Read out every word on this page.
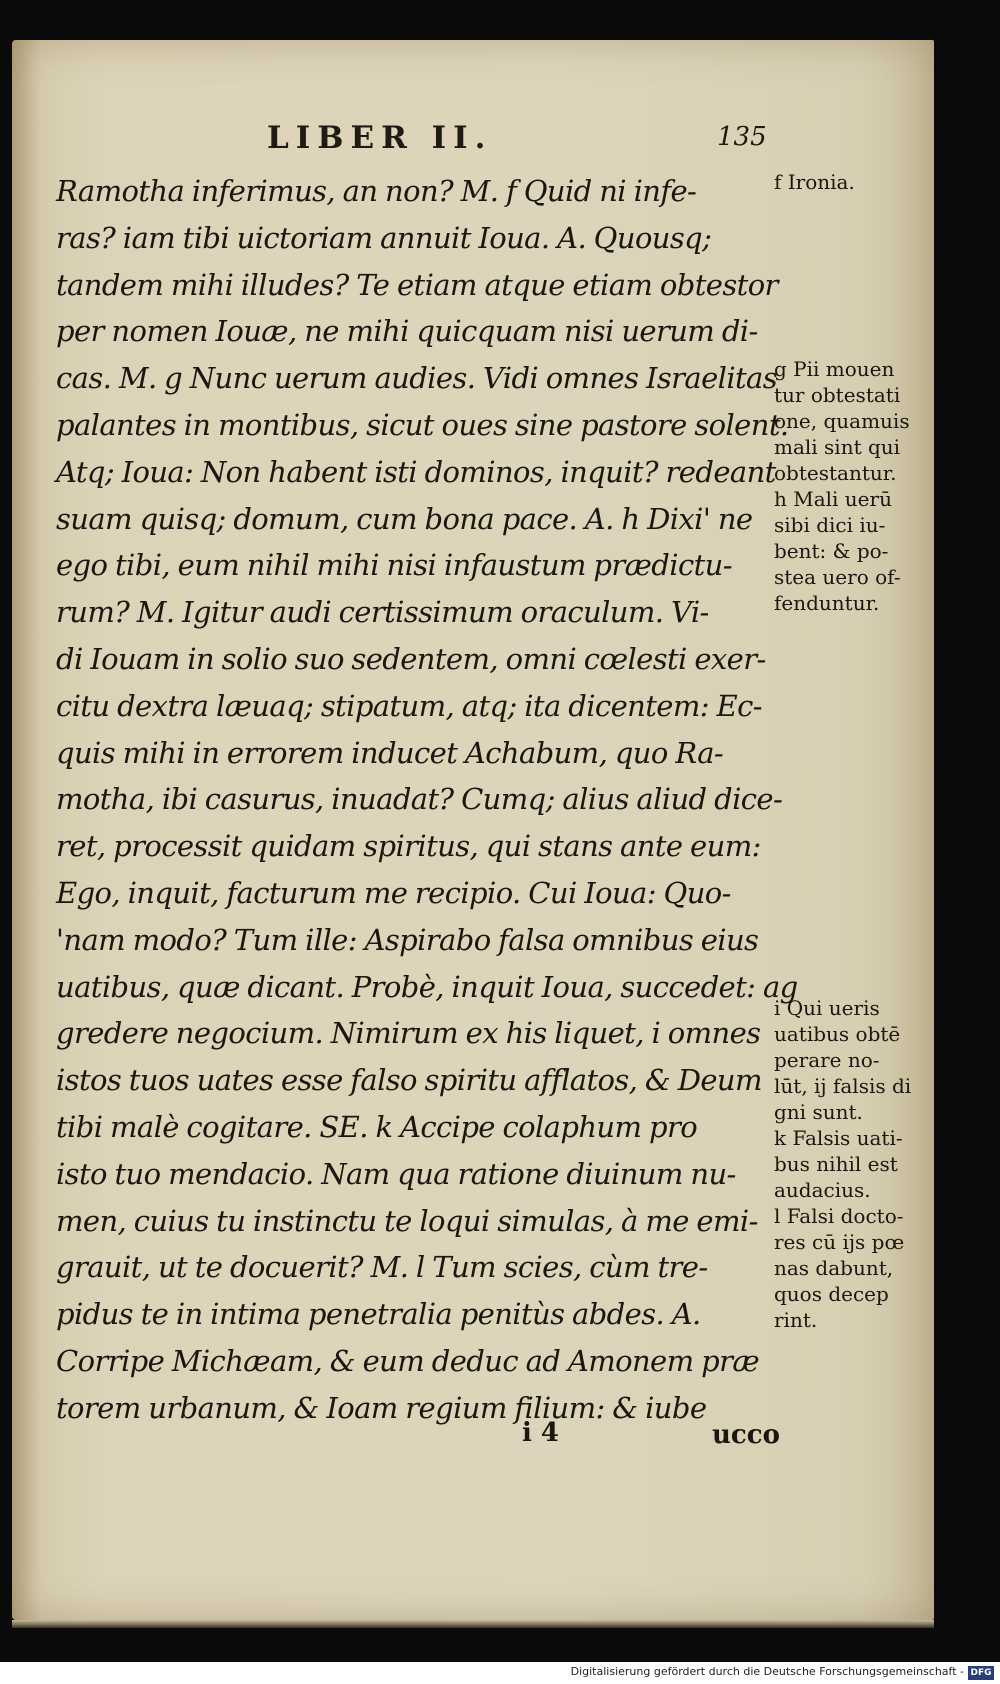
LIBER II.	135
Ramotha inferimus, an non? M. f Quid ni infe-
ras? iam tibi uictoriam annuit Ioua. A. Quousq;
tandem mihi illudes? Te etiam atque etiam obtestor
per nomen Iouæ, ne mihi quicquam nisi uerum di-
cas. M. g Nunc uerum audies. Vidi omnes Israelitas
palantes in montibus, sicut oues sine pastore solent.
Atq; Ioua: Non habent isti dominos, inquit? redeant
suam quisq; domum, cum bona pace. A. h Dixi' ne
ego tibi, eum nihil mihi nisi infaustum prædictu-
rum? M. Igitur audi certissimum oraculum. Vi-
di Iouam in solio suo sedentem, omni cœlesti exer-
citu dextra læuaq; stipatum, atq; ita dicentem: Ec-
quis mihi in errorem inducet Achabum, quo Ra-
motha, ibi casurus, inuadat? Cumq; alius aliud dice-
ret, processit quidam spiritus, qui stans ante eum:
Ego, inquit, facturum me recipio. Cui Ioua: Quo-
'nam modo? Tum ille: Aspirabo falsa omnibus eius
uatibus, quæ dicant. Probè, inquit Ioua, succedet: ag
gredere negocium. Nimirum ex his liquet, i omnes
istos tuos uates esse falso spiritu afflatos, & Deum
tibi malè cogitare. SE. k Accipe colaphum pro
isto tuo mendacio. Nam qua ratione diuinum nu-
men, cuius tu instinctu te loqui simulas, à me emi-
grauit, ut te docuerit? M. l Tum scies, cùm tre-
pidus te in intima penetralia penitùs abdes. A.
Corripe Michæam, & eum deduc ad Amonem præ
torem urbanum, & Ioam regium filium: & iube
f Ironia.
g Pii mouen
tur obtestati
one, quamuis
mali sint qui
obtestantur.
h Mali uerū
sibi dici iu-
bent: & po-
stea uero of-
fenduntur.
i Qui ueris
uatibus obtē
perare no-
lūt, ij falsis di
gni sunt.
k Falsis uati-
bus nihil est
audacius.
l Falsi docto-
res cū ijs pœ
nas dabunt,
quos decep
rint.
i 4	ucco
Digitalisierung gefördert durch die Deutsche Forschungsgemeinschaft - DFG
